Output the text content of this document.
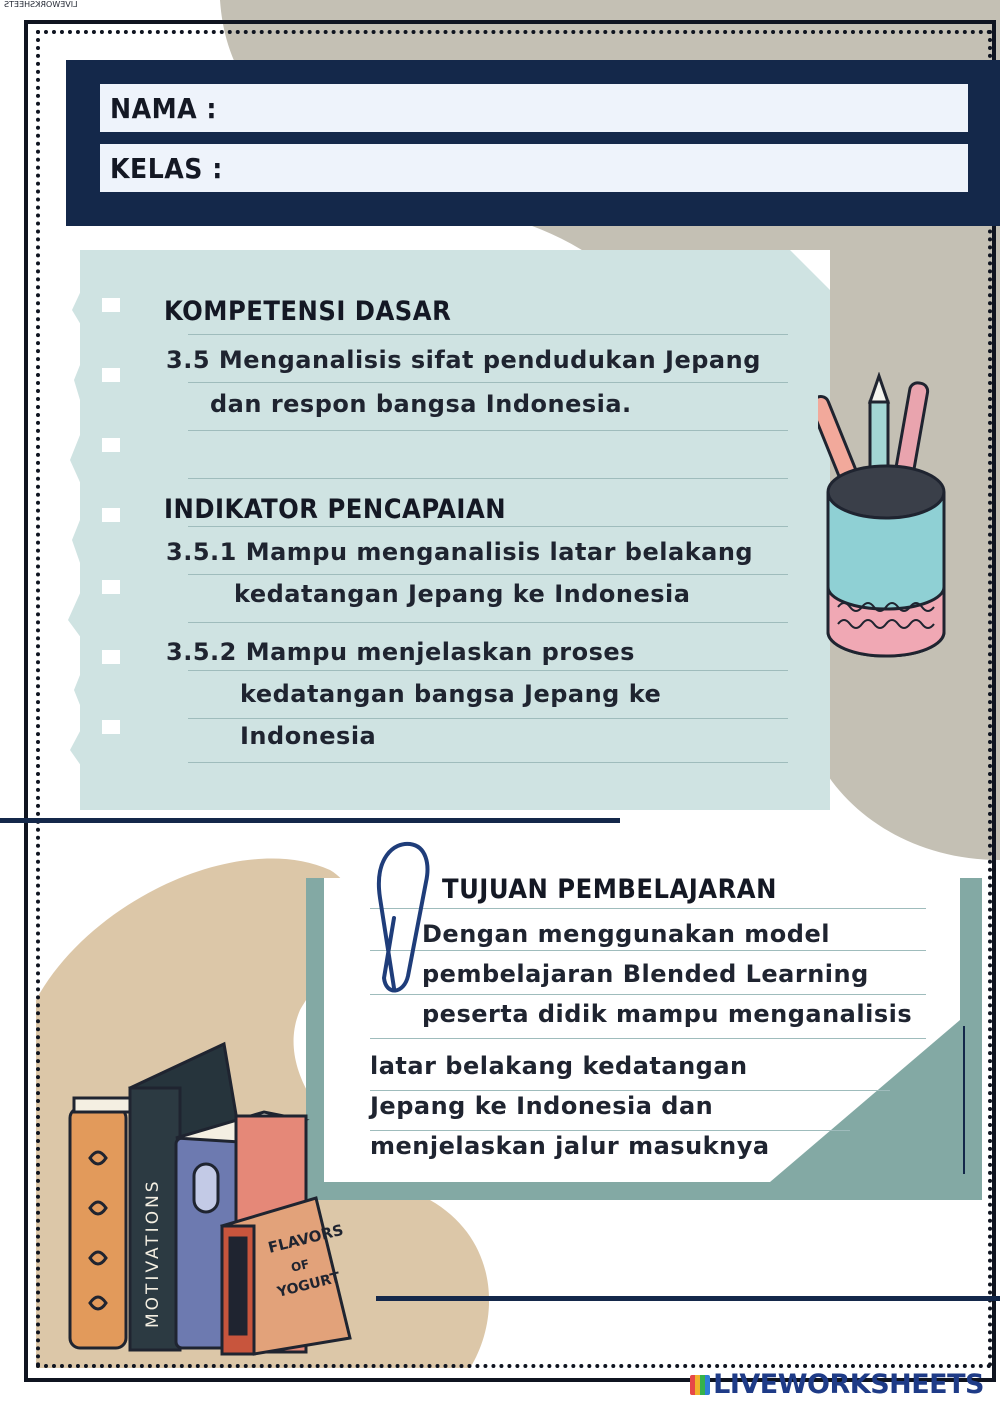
LIVEWORKSHEETS
NAMA :
KELAS :
KOMPETENSI DASAR
3.5 Menganalisis sifat pendudukan Jepang
dan respon bangsa Indonesia.
INDIKATOR PENCAPAIAN
3.5.1 Mampu menganalisis latar belakang
kedatangan Jepang ke Indonesia
3.5.2 Mampu menjelaskan proses
kedatangan bangsa Jepang ke
Indonesia
TUJUAN PEMBELAJARAN
Dengan menggunakan model
pembelajaran Blended Learning
peserta didik mampu menganalisis
latar belakang kedatangan
Jepang ke Indonesia dan
menjelaskan jalur masuknya
MOTIVATIONS	FLAVORS
OF
YOGURT
LIVEWORKSHEETS
